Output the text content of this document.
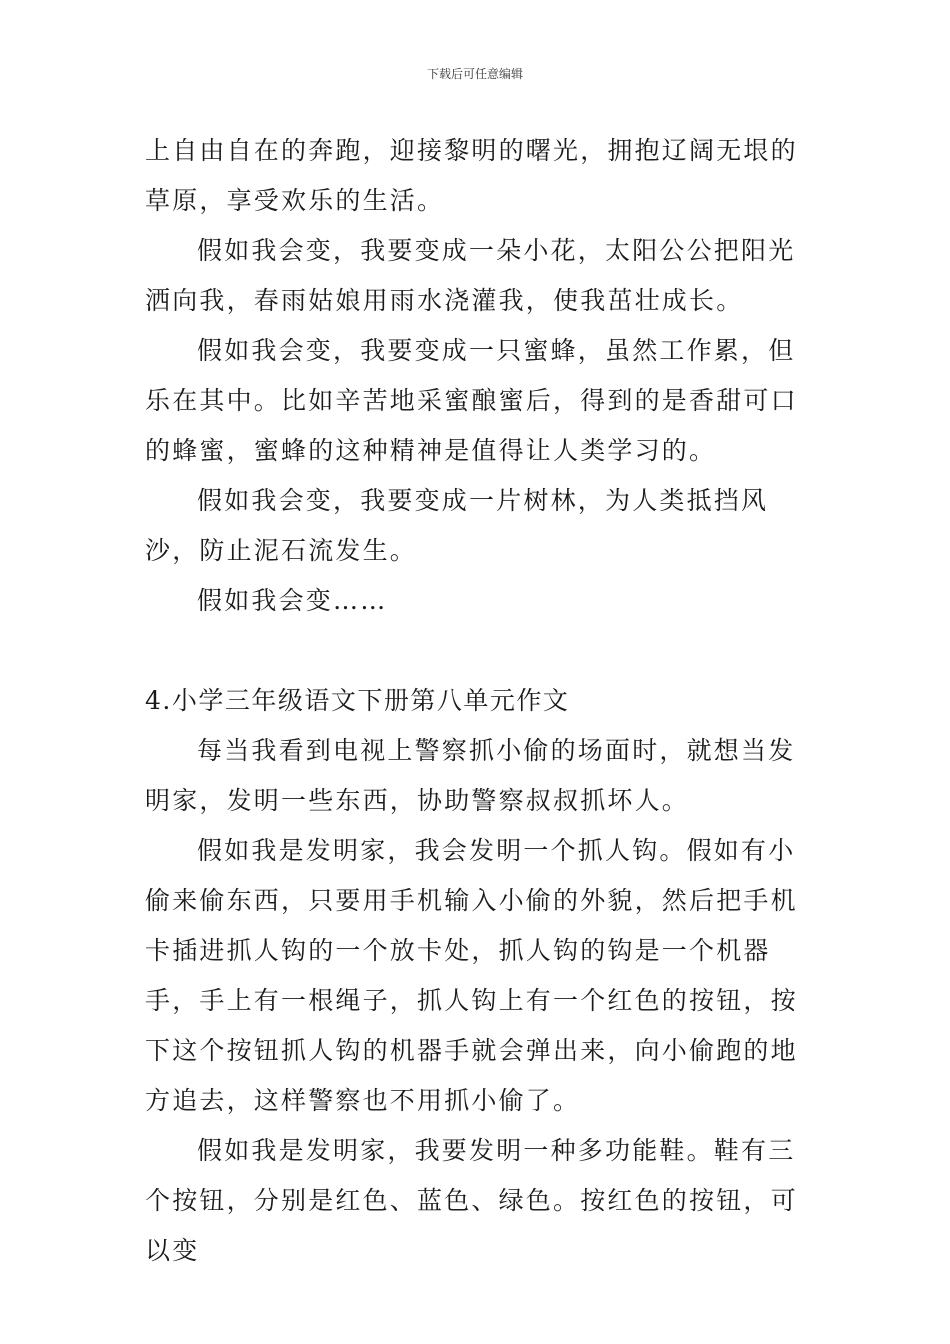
下载后可任意编辑

上自由自在的奔跑，迎接黎明的曙光，拥抱辽阔无垠的草原，享受欢乐的生活。

假如我会变，我要变成一朵小花，太阳公公把阳光洒向我，春雨姑娘用雨水浇灌我，使我茁壮成长。

假如我会变，我要变成一只蜜蜂，虽然工作累，但乐在其中。比如辛苦地采蜜酿蜜后，得到的是香甜可口的蜂蜜，蜜蜂的这种精神是值得让人类学习的。

假如我会变，我要变成一片树林，为人类抵挡风沙，防止泥石流发生。

假如我会变……

4.小学三年级语文下册第八单元作文

每当我看到电视上警察抓小偷的场面时，就想当发明家，发明一些东西，协助警察叔叔抓坏人。

假如我是发明家，我会发明一个抓人钩。假如有小偷来偷东西，只要用手机输入小偷的外貌，然后把手机卡插进抓人钩的一个放卡处，抓人钩的钩是一个机器手，手上有一根绳子，抓人钩上有一个红色的按钮，按下这个按钮抓人钩的机器手就会弹出来，向小偷跑的地方追去，这样警察也不用抓小偷了。

假如我是发明家，我要发明一种多功能鞋。鞋有三个按钮，分别是红色、蓝色、绿色。按红色的按钮，可以变
